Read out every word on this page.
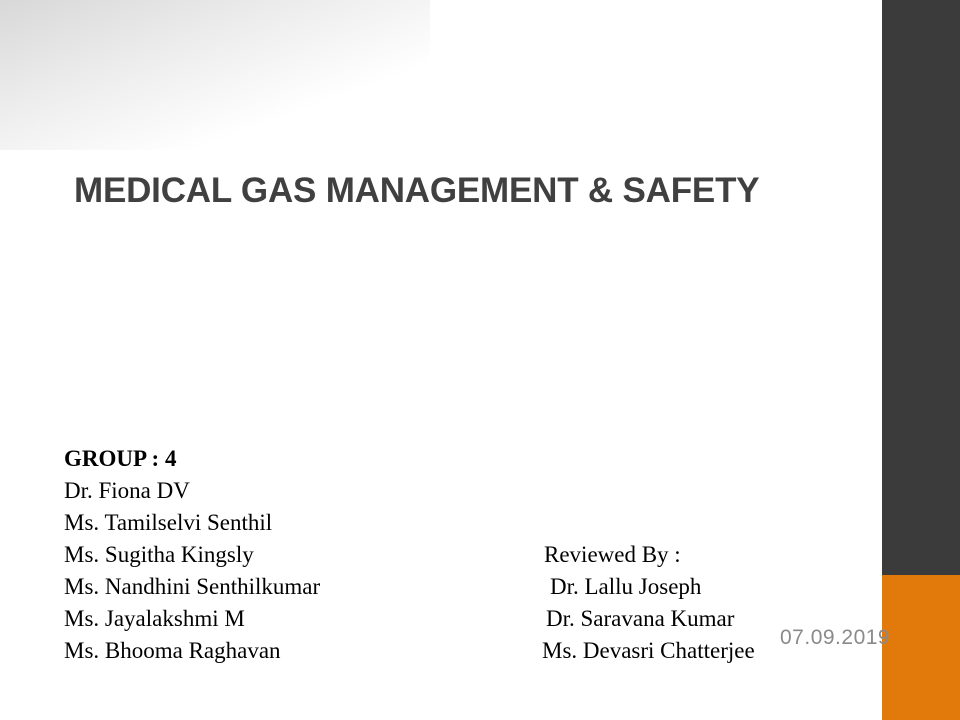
MEDICAL GAS MANAGEMENT & SAFETY
GROUP : 4
Dr. Fiona DV
Ms. Tamilselvi Senthil
Ms. Sugitha Kingsly	Reviewed By :
Ms. Nandhini Senthilkumar	Dr. Lallu Joseph
Ms. Jayalakshmi M	Dr. Saravana Kumar
Ms. Bhooma Raghavan	Ms. Devasri Chatterjee
07.09.2019
